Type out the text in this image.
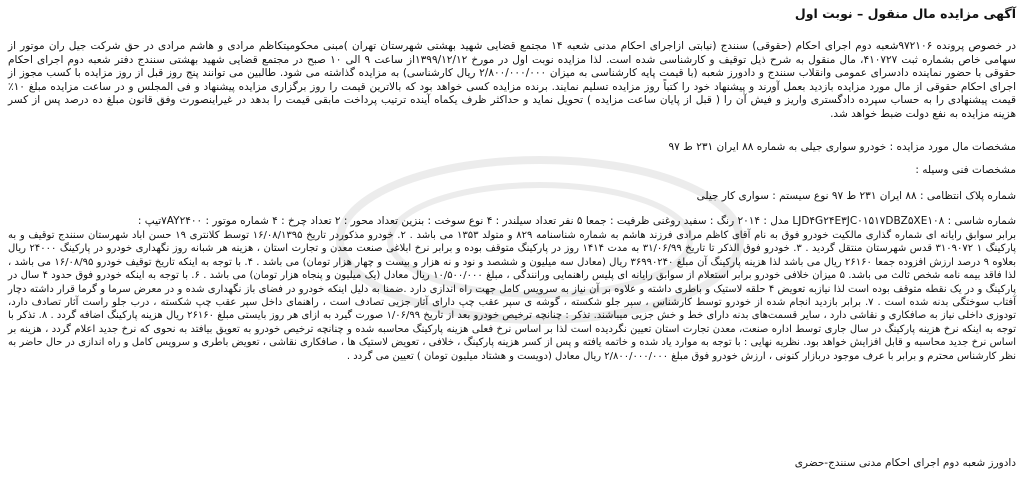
آگهی مزایده مال منقول – نوبت اول
در خصوص پرونده ۹۷۲۱۰۶شعبه دوم اجرای احکام (حقوقی) سنندج (نیابتی ازاجرای احکام مدنی شعبه ۱۴ مجتمع قضایی شهید بهشتی شهرستان تهران )مبنی محکومیتکاظم مرادی و هاشم مرادی در حق شرکت جیل ران موتور از سهامی خاص بشماره ثبت ۴۱۰۷۲۷، مال منقول به شرح ذیل توقیف و کارشناسی شده است. لذا مزایده نوبت اول در مورخ ۱۳۹۹/۱۲/۱۲از ساعت ۹ الی ۱۰ صبح در مجتمع قضایی شهید بهشتی سنندج دفتر شعبه دوم اجرای احکام حقوقی با حضور نماینده دادسرای عمومی وانقلاب سنندج و دادورز شعبه (با قیمت پایه کارشناسی به میزان ۲/۸۰۰/۰۰۰/۰۰۰ ریال کارشناسی) به مزایده گذاشته می شود. طالبین می توانند پنج روز قبل از روز مزایده با کسب مجوز از اجرای احکام حقوقی از مال مورد مزایده بازدید بعمل آورند و پیشنهاد خود را کتباً روز مزایده تسلیم نمایند. برنده مزایده کسی خواهد بود که بالاترین قیمت را روز برگزاری مزایده پیشنهاد و فی المجلس و در ساعت مزایده مبلغ ۱۰٪ قیمت پیشنهادی را به حساب سپرده دادگستری واریز و فیش آن را ( قبل از پایان ساعت مزایده ) تحویل نماید و حداکثر ظرف یکماه آینده ترتیب پرداخت مابقی قیمت را بدهد در غیراینصورت وفق قانون مبلغ ده درصد پس از کسر هزینه مزایده به نفع دولت ضبط خواهد شد.
مشخصات مال مورد مزایده : خودرو سواری جیلی به شماره ۸۸ ایران ۲۳۱ ط ۹۷
مشخصات فنی وسیله :
شماره پلاک انتظامی : ۸۸ ایران ۲۳۱ ط ۹۷ نوع سیستم : سواری کار جیلی
شماره شاسی : LJD۴G۲۴E۳JC۰۱۵۱۷DBZ۵XE۱۰۸ مدل : ۲۰۱۴ رنگ : سفید روغنی ظرفیت : جمعا ۵ نفر تعداد سیلندر : ۴ نوع سوخت : بنزین تعداد محور : ۲ تعداد چرخ : ۴ شماره موتور : ۷AY۲۴۰۰تیپ :
برابر سوابق رایانه ای شماره گذاری مالکیت خودرو فوق به نام آقای کاظم مرادی فرزند هاشم به شماره شناسنامه ۸۲۹ و متولد ۱۳۵۳ می باشد . ۲. خودرو مذکوردر تاریخ ۱۶/۰۸/۱۳۹۵ توسط کلانتری ۱۹ حسن اباد شهرستان سنندج توقیف و به پارکینگ ۱ ۳۱۰۹۰۷۲ قدس شهرستان منتقل گردید . ۳. خودرو فوق الذکر تا تاریخ ۳۱/۰۶/۹۹ به مدت ۱۴۱۴ روز در پارکینگ متوقف بوده و برابر نرخ ابلاغی صنعت معدن و تجارت استان ، هزینه هر شبانه روز نگهداری خودرو در پارکینگ ۲۴۰۰۰ ریال بعلاوه ۹ درصد ارزش افزوده جمعا ۲۶۱۶۰ ریال می باشد لذا هزینه پارکینگ آن مبلغ ۳۶۹۹۰۲۴۰ ریال (معادل سه میلیون و ششصد و نود و نه هزار و بیست و چهار هزار تومان) می باشد . ۴. با توجه به اینکه تاریخ توقیف خودرو ۱۶/۰۸/۹۵ می باشد ، لذا فاقد بیمه نامه شخص ثالث می باشد. ۵ میزان خلافی خودرو برابر استعلام از سوابق رایانه ای پلیس راهنمایی ورانندگی ، مبلغ ۱۰/۵۰۰/۰۰۰ ریال معادل (یک میلیون و پنجاه هزار تومان) می باشد . ۶. با توجه به اینکه خودرو فوق حدود ۴ سال در پارکینگ و در یک نقطه متوقف بوده است لذا نیازبه تعویض ۴ حلقه لاستیک و باطری داشته و علاوه بر آن نیاز به سرویس کامل جهت راه اندازی دارد .ضمنا به دلیل اینکه خودرو در فضای باز نگهداری شده و در معرض سرما و گرما قرار داشته دچار آفتاب سوختگی بدنه شده است . ۷. برابر بازدید انجام شده از خودرو توسط کارشناس ، سپر جلو شکسته ، گوشه ی سپر عقب چپ دارای آثار جزیی تصادف است ، راهنمای داخل سپر عقب چپ شکسته ، درب جلو راست آثار تصادف دارد، تودوزی داخلی نیاز به صافکاری و نقاشی دارد ، سایر قسمت‌های بدنه دارای خط و خش جزیی میباشند. تذکر : چنانچه ترخیص خودرو بعد از تاریخ ۱/۰۶/۹۹ صورت گیرد به ازای هر روز بایستی مبلغ ۲۶۱۶۰ ریال هزینه پارکینگ اضافه گردد . ۸. تذکر با توجه به اینکه نرخ هزینه پارکینگ در سال جاری توسط اداره صنعت، معدن تجارت استان تعیین نگردیده است لذا بر اساس نرخ فعلی هزینه پارکینگ محاسبه شده و چنانچه ترخیص خودرو به تعویق بیافتد به نحوی که نرخ جدید اعلام گردد ، هزینه بر اساس نرخ جدید محاسبه و قابل افزایش خواهد بود. نظریه نهایی : با توجه به موارد یاد شده و خاتمه یافته و پس از کسر هزینه پارکینگ ، خلافی ، تعویض لاستیک ها ، صافکاری نقاشی ، تعویض باطری و سرویس کامل و راه اندازی در حال حاضر به نظر کارشناس محترم و برابر با عرف موجود دربازار کنونی ، ارزش خودرو فوق مبلغ ۲/۸۰۰/۰۰۰/۰۰۰ ریال معادل (دویست و هشتاد میلیون تومان ) تعیین می گردد .
دادورز شعبه دوم اجرای احکام مدنی سنندج-حضری
